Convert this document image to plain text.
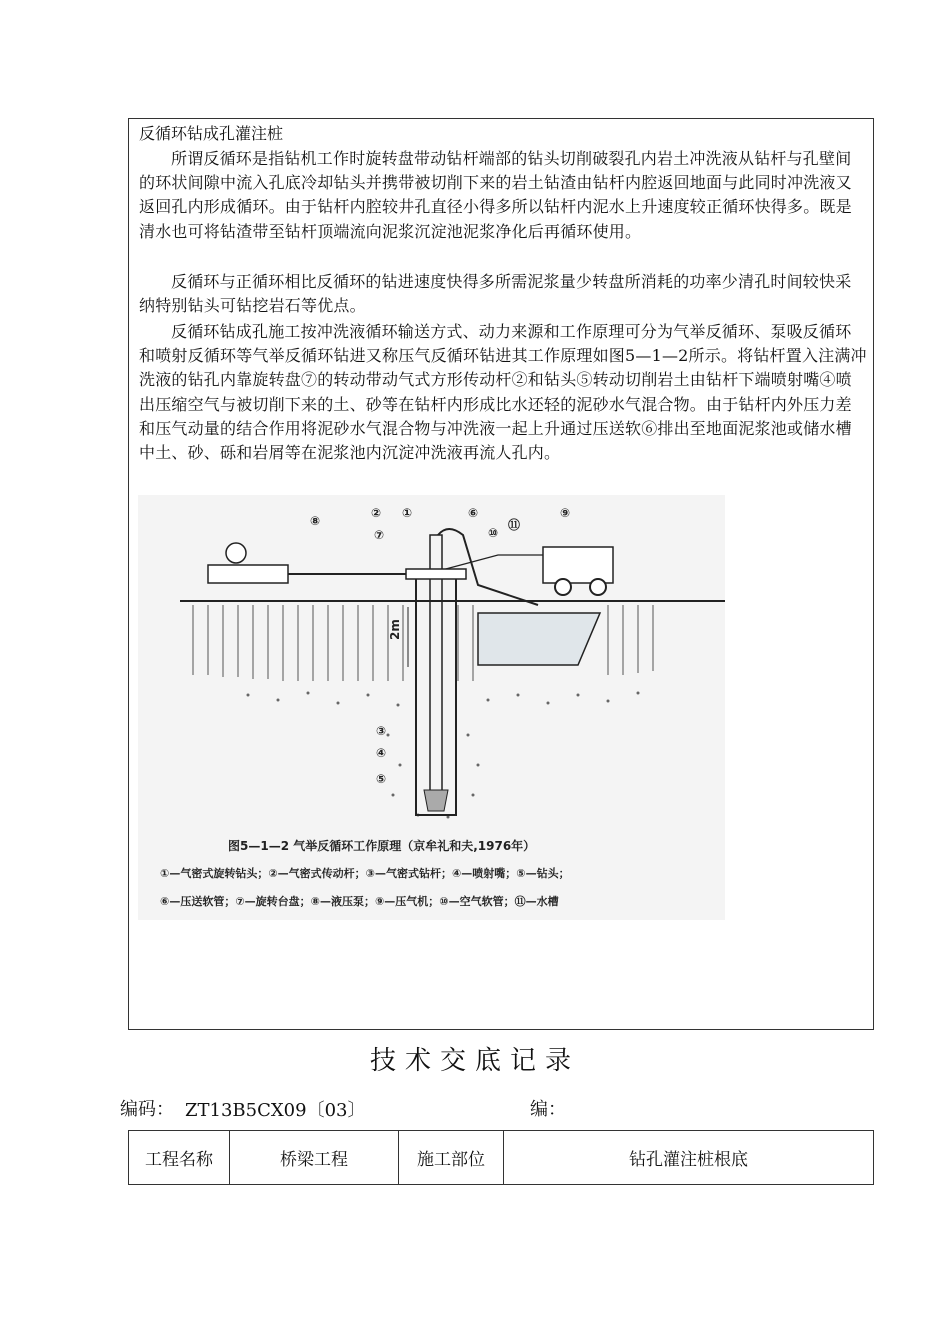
反循环钻成孔灌注桩

所谓反循环是指钻机工作时旋转盘带动钻杆端部的钻头切削破裂孔内岩土冲洗液从钻杆与孔壁间的环状间隙中流入孔底冷却钻头并携带被切削下来的岩土钻渣由钻杆内腔返回地面与此同时冲洗液又返回孔内形成循环。由于钻杆内腔较井孔直径小得多所以钻杆内泥水上升速度较正循环快得多。既是清水也可将钻渣带至钻杆顶端流向泥浆沉淀池泥浆净化后再循环使用。

反循环与正循环相比反循环的钻进速度快得多所需泥浆量少转盘所消耗的功率少清孔时间较快采纳特别钻头可钻挖岩石等优点。

反循环钻成孔施工按冲洗液循环输送方式、动力来源和工作原理可分为气举反循环、泵吸反循环和喷射反循环等气举反循环钻进又称压气反循环钻进其工作原理如图5—1—2所示。将钻杆置入注满冲洗液的钻孔内靠旋转盘⑦的转动带动气式方形传动杆②和钻头⑤转动切削岩土由钻杆下端喷射嘴④喷出压缩空气与被切削下来的土、砂等在钻杆内形成比水还轻的泥砂水气混合物。由于钻杆内外压力差和压气动量的结合作用将泥砂水气混合物与冲洗液一起上升通过压送软⑥排出至地面泥浆池或储水槽中土、砂、砾和岩屑等在泥浆池内沉淀冲洗液再流人孔内。

2m
①
②
③
④
⑤
⑥
⑦
⑧
⑨
⑩
⑪
图5—1—2 气举反循环工作原理（京牟礼和夫,1976年）
①—气密式旋转钻头；②—气密式传动杆；③—气密式钻杆；④—喷射嘴；⑤—钻头；
⑥—压送软管；⑦—旋转台盘；⑧—液压泵；⑨—压气机；⑩—空气软管；⑪—水槽
技术交底记录
编码： ZT13B5CX09〔03〕	编：
工程名称	桥梁工程	施工部位	钻孔灌注桩根底
